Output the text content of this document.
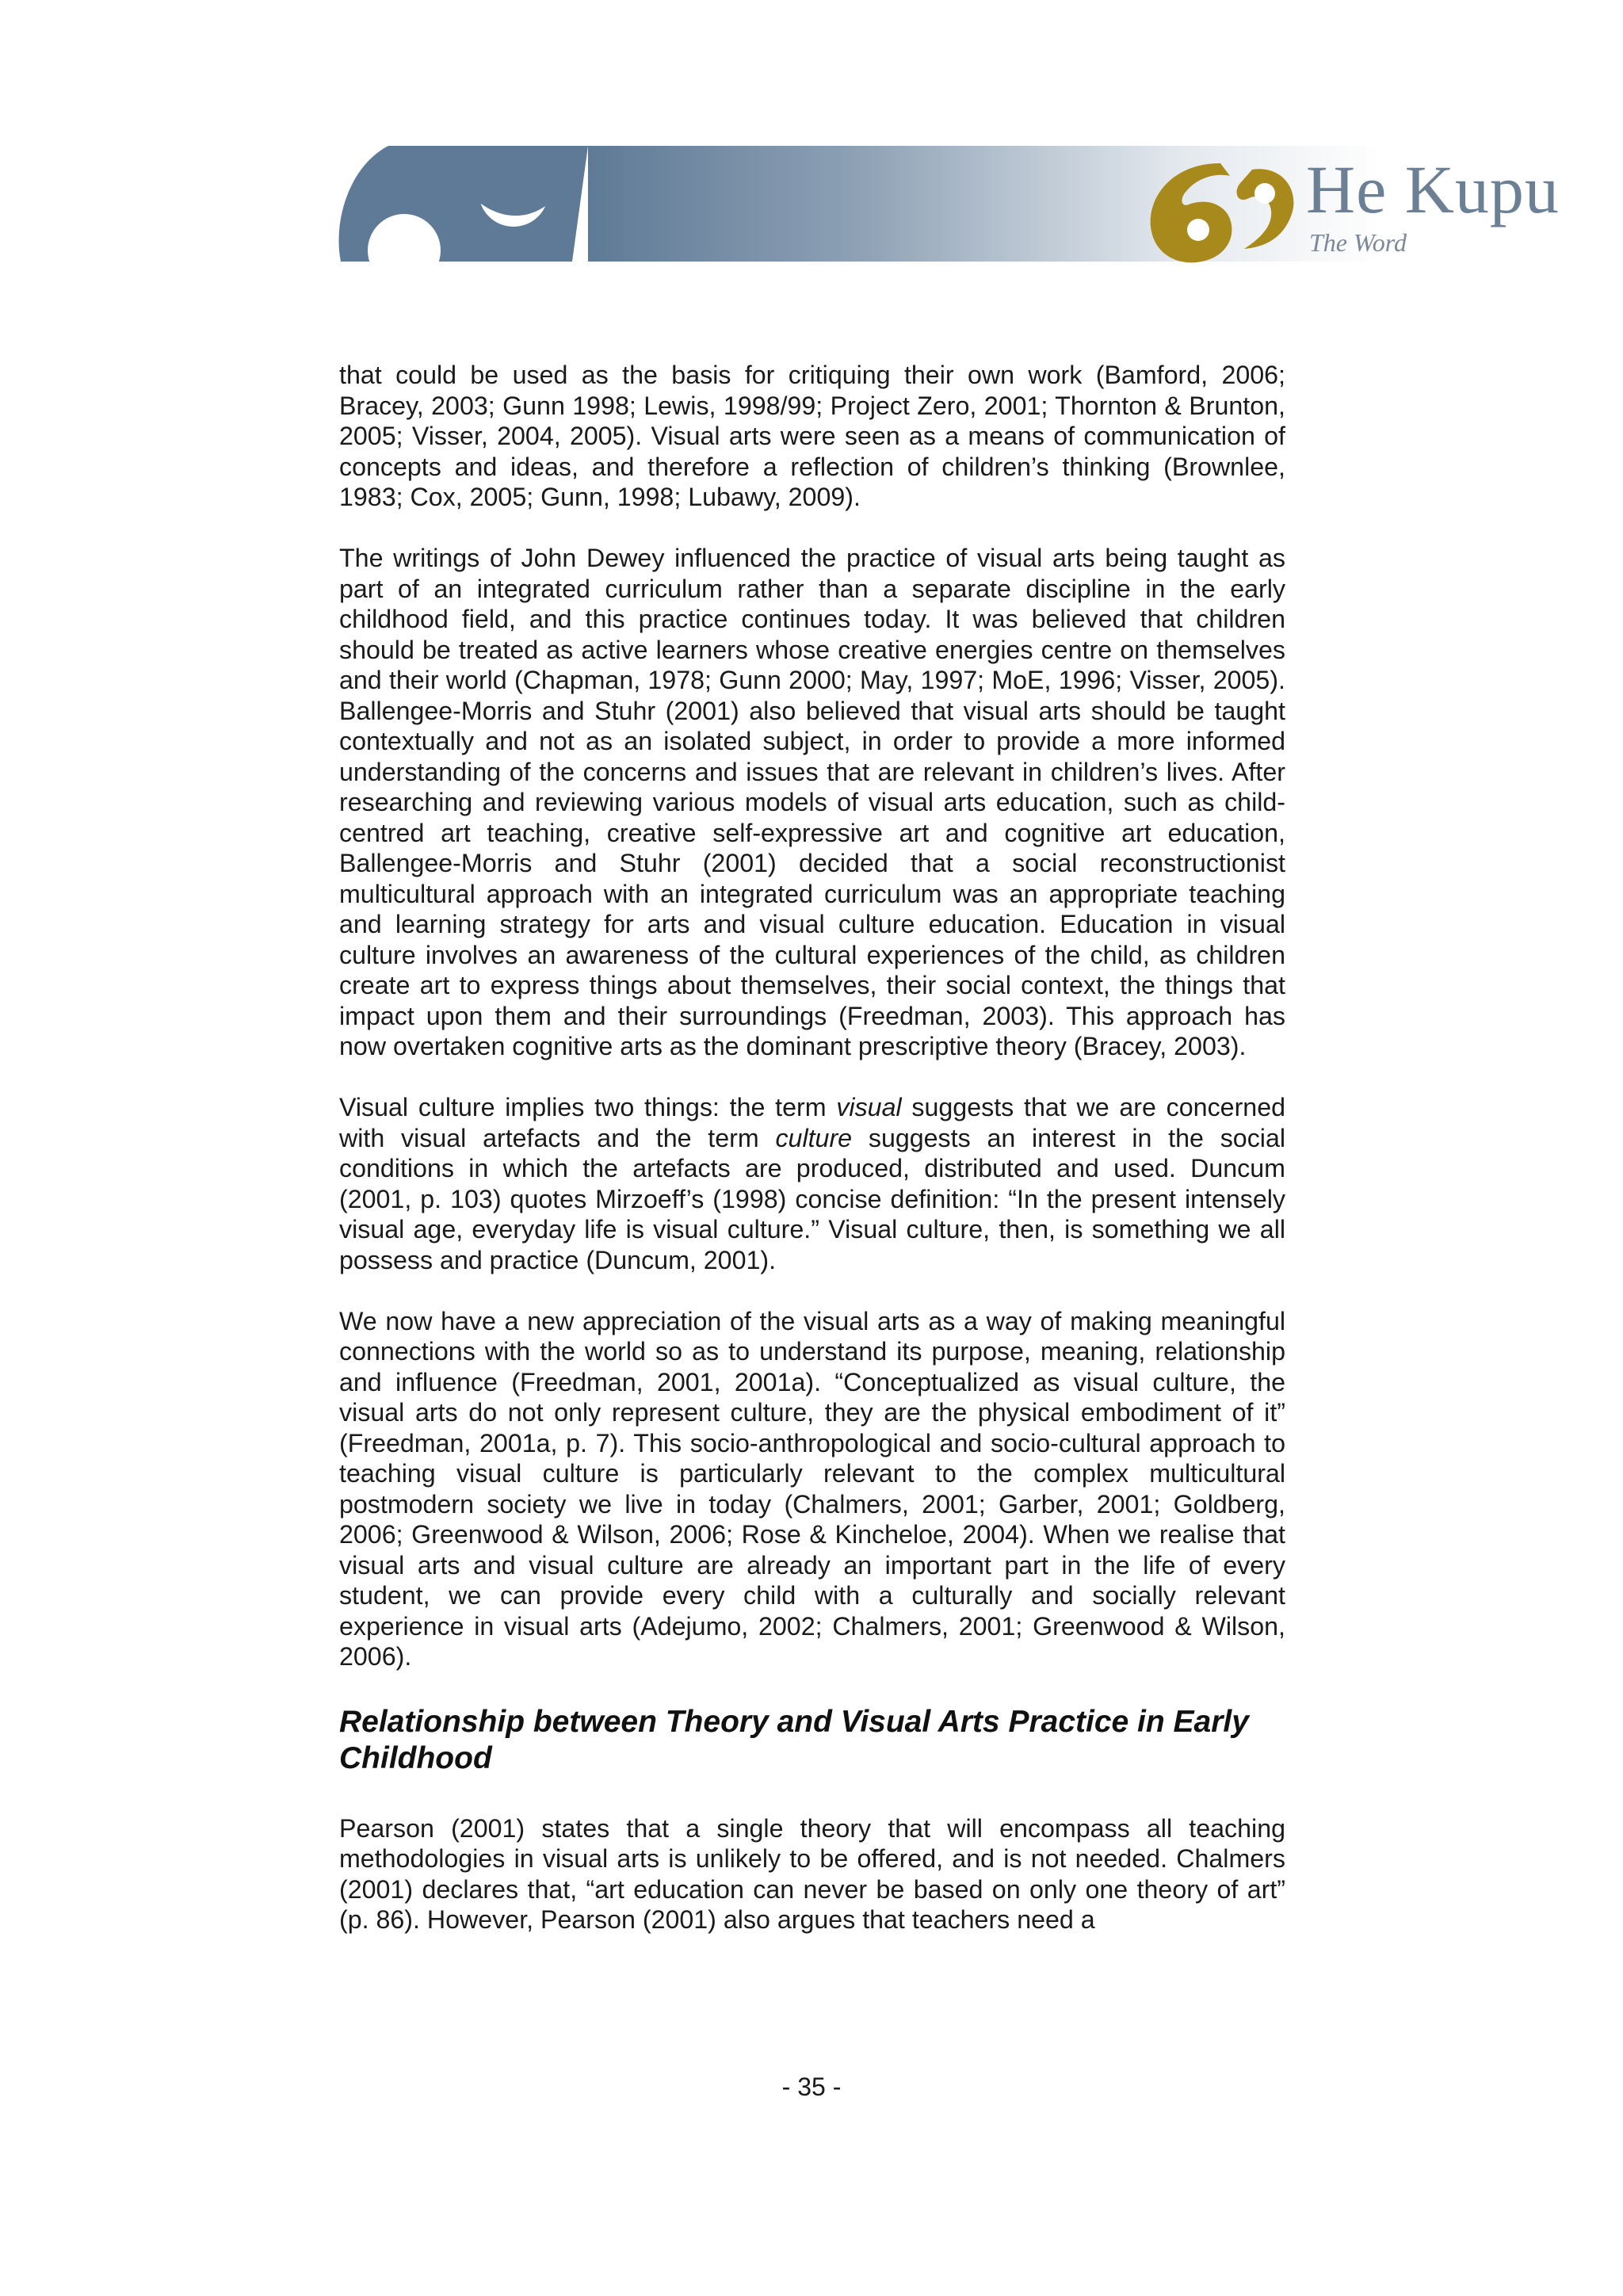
He Kupu
The Word

that could be used as the basis for critiquing their own work (Bamford, 2006; Bracey, 2003; Gunn 1998; Lewis, 1998/99; Project Zero, 2001; Thornton & Brunton, 2005; Visser, 2004, 2005). Visual arts were seen as a means of communication of concepts and ideas, and therefore a reflection of children’s thinking (Brownlee, 1983; Cox, 2005; Gunn, 1998; Lubawy, 2009).

The writings of John Dewey influenced the practice of visual arts being taught as part of an integrated curriculum rather than a separate discipline in the early childhood field, and this practice continues today. It was believed that children should be treated as active learners whose creative energies centre on themselves and their world (Chapman, 1978; Gunn 2000; May, 1997; MoE, 1996; Visser, 2005). Ballengee-Morris and Stuhr (2001) also believed that visual arts should be taught contextually and not as an isolated subject, in order to provide a more informed understanding of the concerns and issues that are relevant in children’s lives. After researching and reviewing various models of visual arts education, such as child-centred art teaching, creative self-expressive art and cognitive art education, Ballengee-Morris and Stuhr (2001) decided that a social reconstructionist multicultural approach with an integrated curriculum was an appropriate teaching and learning strategy for arts and visual culture education. Education in visual culture involves an awareness of the cultural experiences of the child, as children create art to express things about themselves, their social context, the things that impact upon them and their surroundings (Freedman, 2003). This approach has now overtaken cognitive arts as the dominant prescriptive theory (Bracey, 2003).

Visual culture implies two things: the term visual suggests that we are concerned with visual artefacts and the term culture suggests an interest in the social conditions in which the artefacts are produced, distributed and used. Duncum (2001, p. 103) quotes Mirzoeff’s (1998) concise definition: “In the present intensely visual age, everyday life is visual culture.” Visual culture, then, is something we all possess and practice (Duncum, 2001).

We now have a new appreciation of the visual arts as a way of making meaningful connections with the world so as to understand its purpose, meaning, relationship and influence (Freedman, 2001, 2001a). “Conceptualized as visual culture, the visual arts do not only represent culture, they are the physical embodiment of it” (Freedman, 2001a, p. 7). This socio-anthropological and socio-cultural approach to teaching visual culture is particularly relevant to the complex multicultural postmodern society we live in today (Chalmers, 2001; Garber, 2001; Goldberg, 2006; Greenwood & Wilson, 2006; Rose & Kincheloe, 2004). When we realise that visual arts and visual culture are already an important part in the life of every student, we can provide every child with a culturally and socially relevant experience in visual arts (Adejumo, 2002; Chalmers, 2001; Greenwood & Wilson, 2006).

Relationship between Theory and Visual Arts Practice in Early Childhood

Pearson (2001) states that a single theory that will encompass all teaching methodologies in visual arts is unlikely to be offered, and is not needed. Chalmers (2001) declares that, “art education can never be based on only one theory of art” (p. 86). However, Pearson (2001) also argues that teachers need a

- 35 -
